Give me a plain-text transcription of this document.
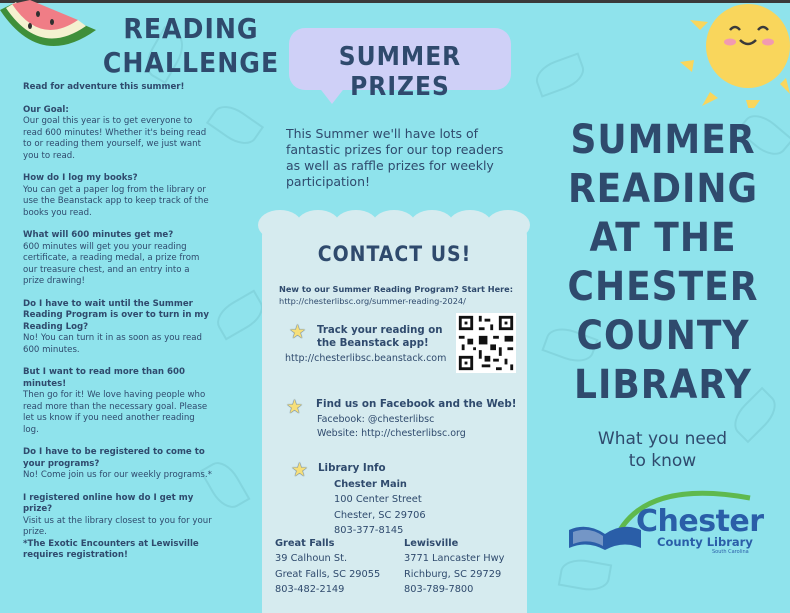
READING
CHALLENGE

Read for adventure this summer!

Our Goal:

Our goal this year is to get everyone to read 600 minutes! Whether it's being read to or reading them yourself, we just want you to read.

How do I log my books?

You can get a paper log from the library or use the Beanstack app to keep track of the books you read.

What will 600 minutes get me?

600 minutes will get you your reading certificate, a reading medal, a prize from our treasure chest, and an entry into a prize drawing!

Do I have to wait until the Summer Reading Program is over to turn in my Reading Log?

No! You can turn it in as soon as you read 600 minutes.

But I want to read more than 600 minutes!

Then go for it! We love having people who read more than the necessary goal. Please let us know if you need another reading log.

Do I have to be registered to come to your programs?

No! Come join us for our weekly programs.*

I registered online how do I get my prize?

Visit us at the library closest to you for your prize.

*The Exotic Encounters at Lewisville requires registration!

SUMMER PRIZES
This Summer we'll have lots of fantastic prizes for our top readers as well as raffle prizes for weekly participation!
CONTACT US!
New to our Summer Reading Program? Start Here:
http://chesterlibsc.org/summer-reading-2024/
★ Track your reading on the Beanstack app!
http://chesterlibsc.beanstack.com
★ Find us on Facebook and the Web!
Facebook: @chesterlibsc
Website: http://chesterlibsc.org
★ Library Info
Chester Main
100 Center Street
Chester, SC 29706
803-377-8145
Great Falls
39 Calhoun St.
Great Falls, SC 29055
803-482-2149
Lewisville
3771 Lancaster Hwy
Richburg, SC 29729
803-789-7800
SUMMER
READING
AT THE
CHESTER
COUNTY
LIBRARY
What you need
to know
Chester
County Library
South Carolina
